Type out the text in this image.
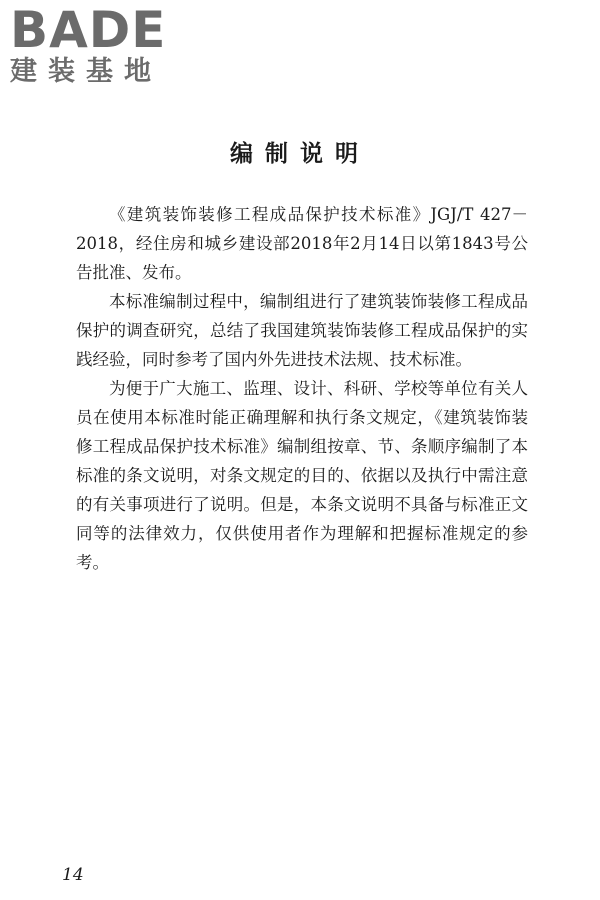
BADE
建装基地
编制说明

《建筑装饰装修工程成品保护技术标准》JGJ/T 427－2018，经住房和城乡建设部2018年2月14日以第1843号公告批准、发布。

本标准编制过程中，编制组进行了建筑装饰装修工程成品保护的调查研究，总结了我国建筑装饰装修工程成品保护的实践经验，同时参考了国内外先进技术法规、技术标准。

为便于广大施工、监理、设计、科研、学校等单位有关人员在使用本标准时能正确理解和执行条文规定，《建筑装饰装修工程成品保护技术标准》编制组按章、节、条顺序编制了本标准的条文说明，对条文规定的目的、依据以及执行中需注意的有关事项进行了说明。但是，本条文说明不具备与标准正文同等的法律效力，仅供使用者作为理解和把握标准规定的参考。

14
